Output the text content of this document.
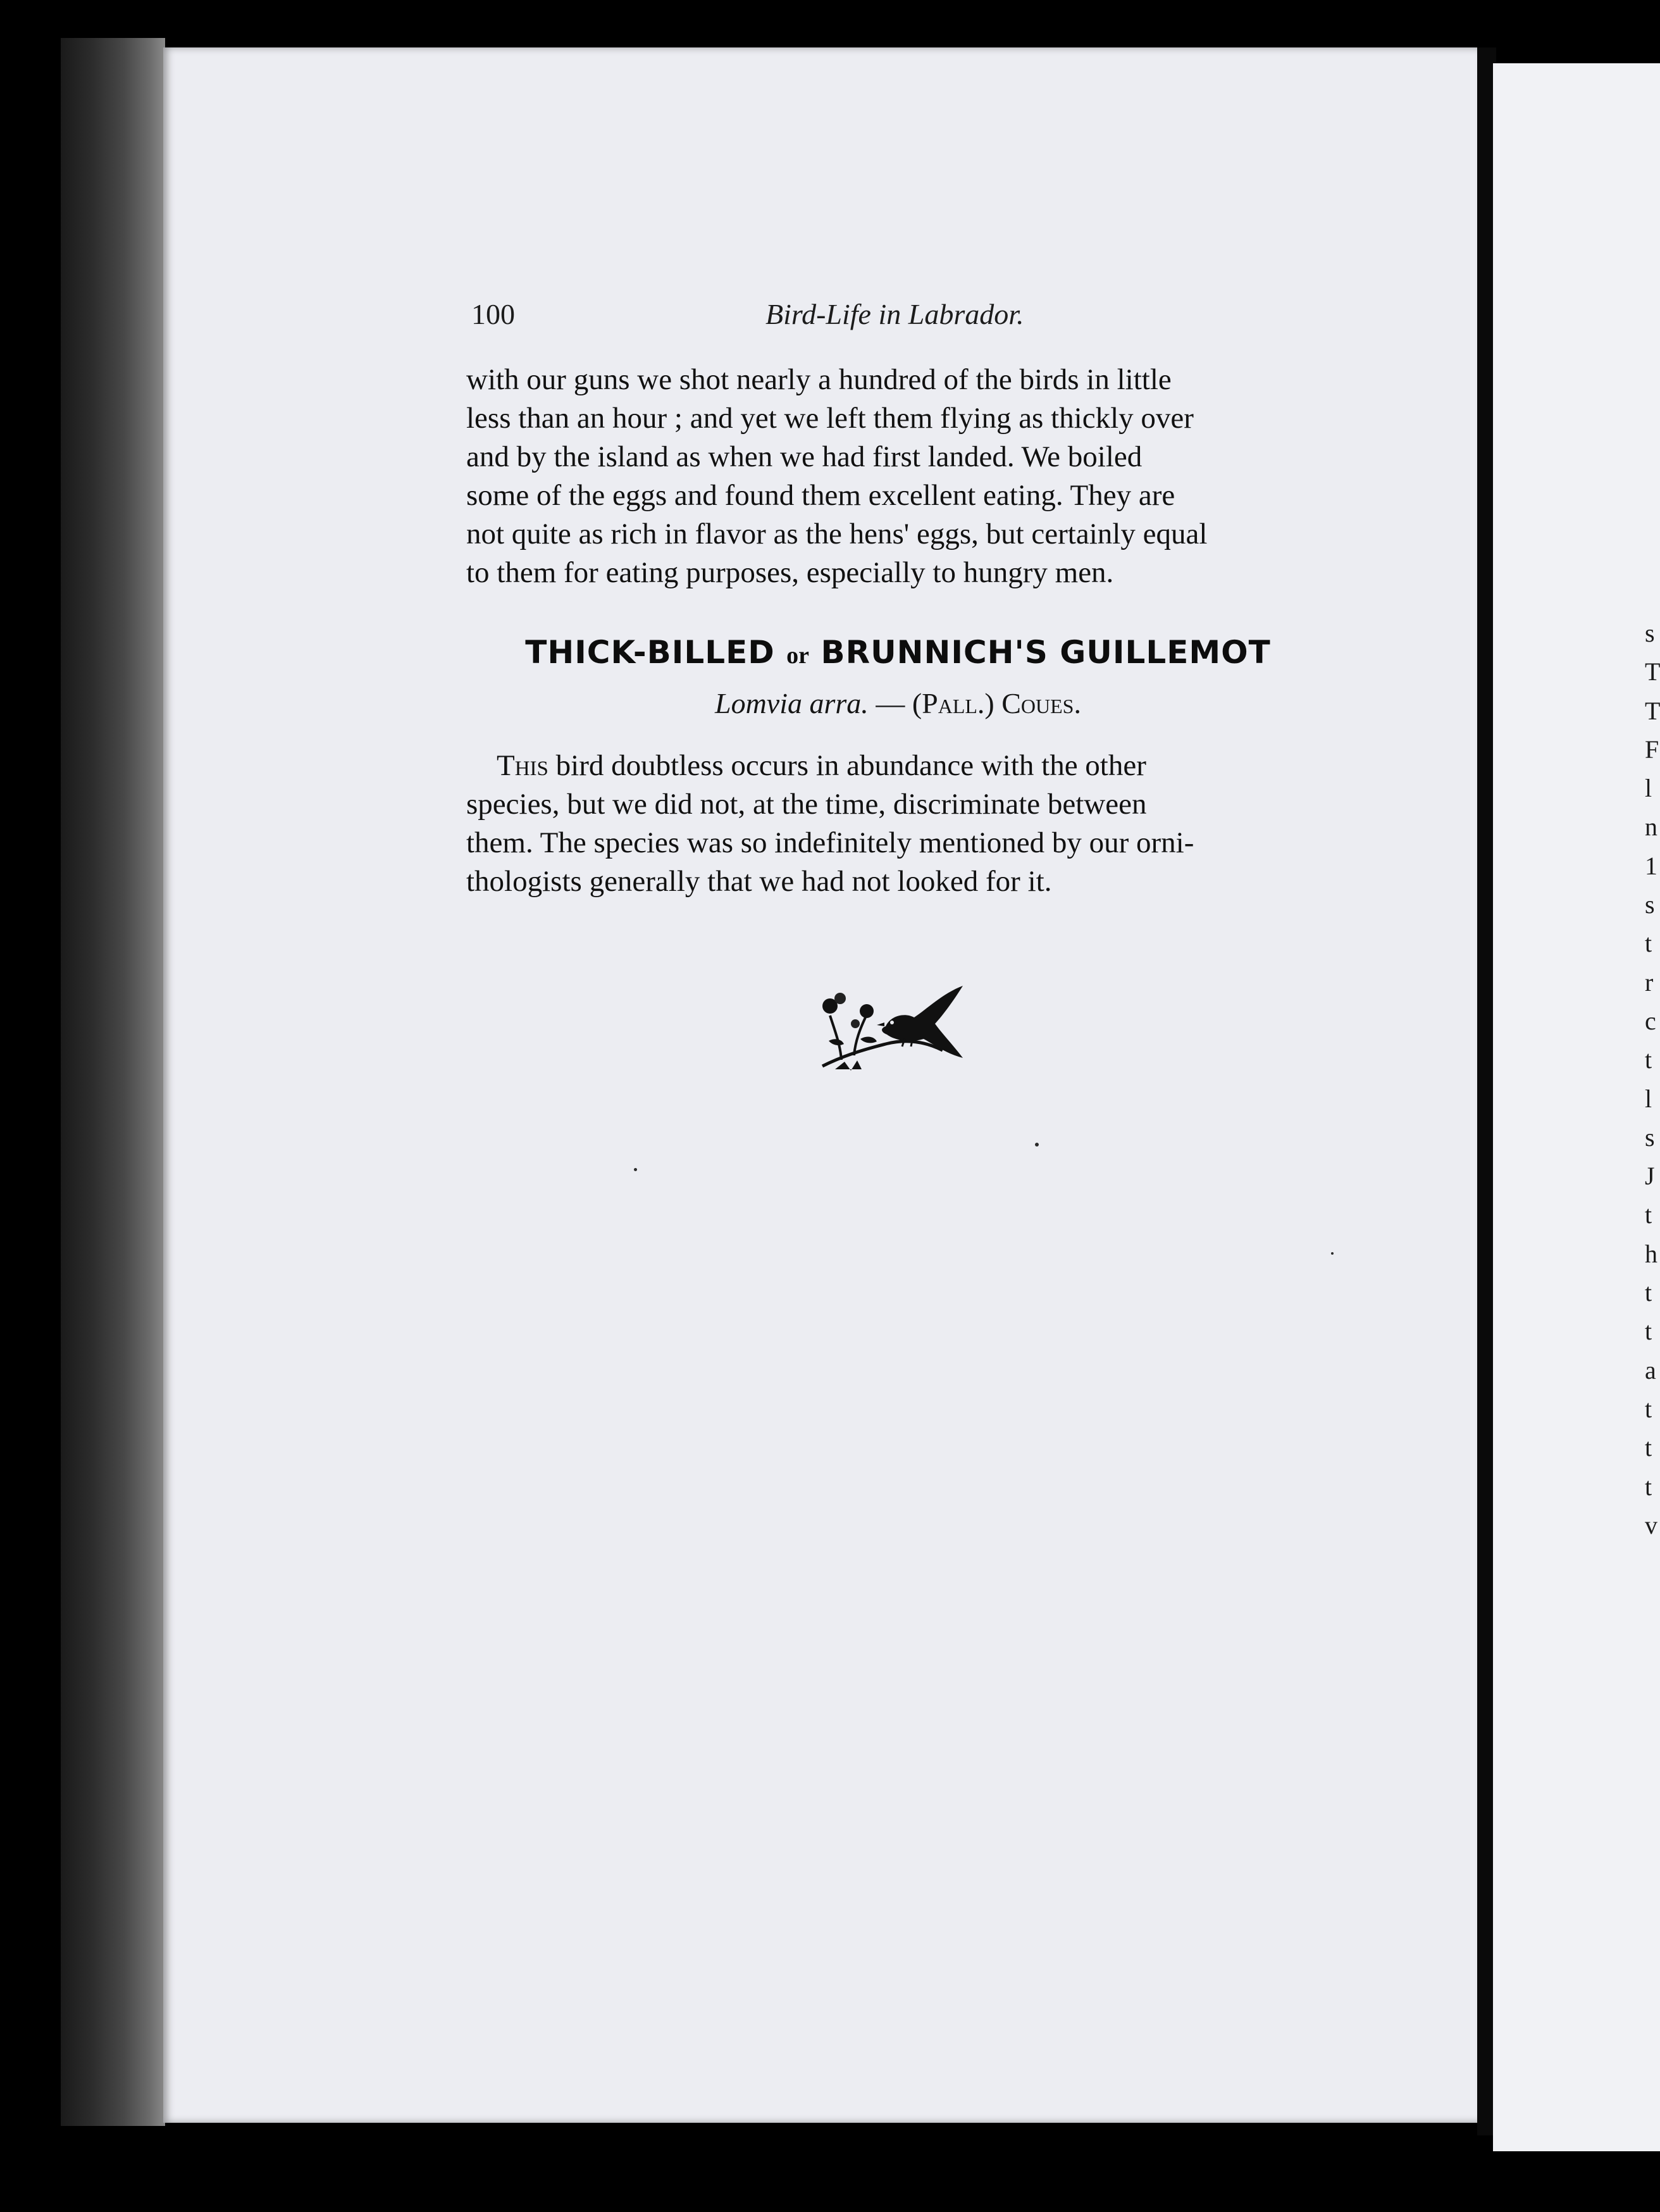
s
T
T
F
l
n
1
s
t
r
c
t
l
s
J
t
h
t
t
a
t
t
t
v
100	Bird-Life in Labrador.
with our guns we shot nearly a hundred of the birds in little
less than an hour ; and yet we left them flying as thickly over
and by the island as when we had first landed. We boiled
some of the eggs and found them excellent eating. They are
not quite as rich in flavor as the hens' eggs, but certainly equal
to them for eating purposes, especially to hungry men.
THICK-BILLED or BRUNNICH'S GUILLEMOT
Lomvia arra. — (Pall.) Coues.
This bird doubtless occurs in abundance with the other
species, but we did not, at the time, discriminate between
them. The species was so indefinitely mentioned by our orni-
thologists generally that we had not looked for it.
